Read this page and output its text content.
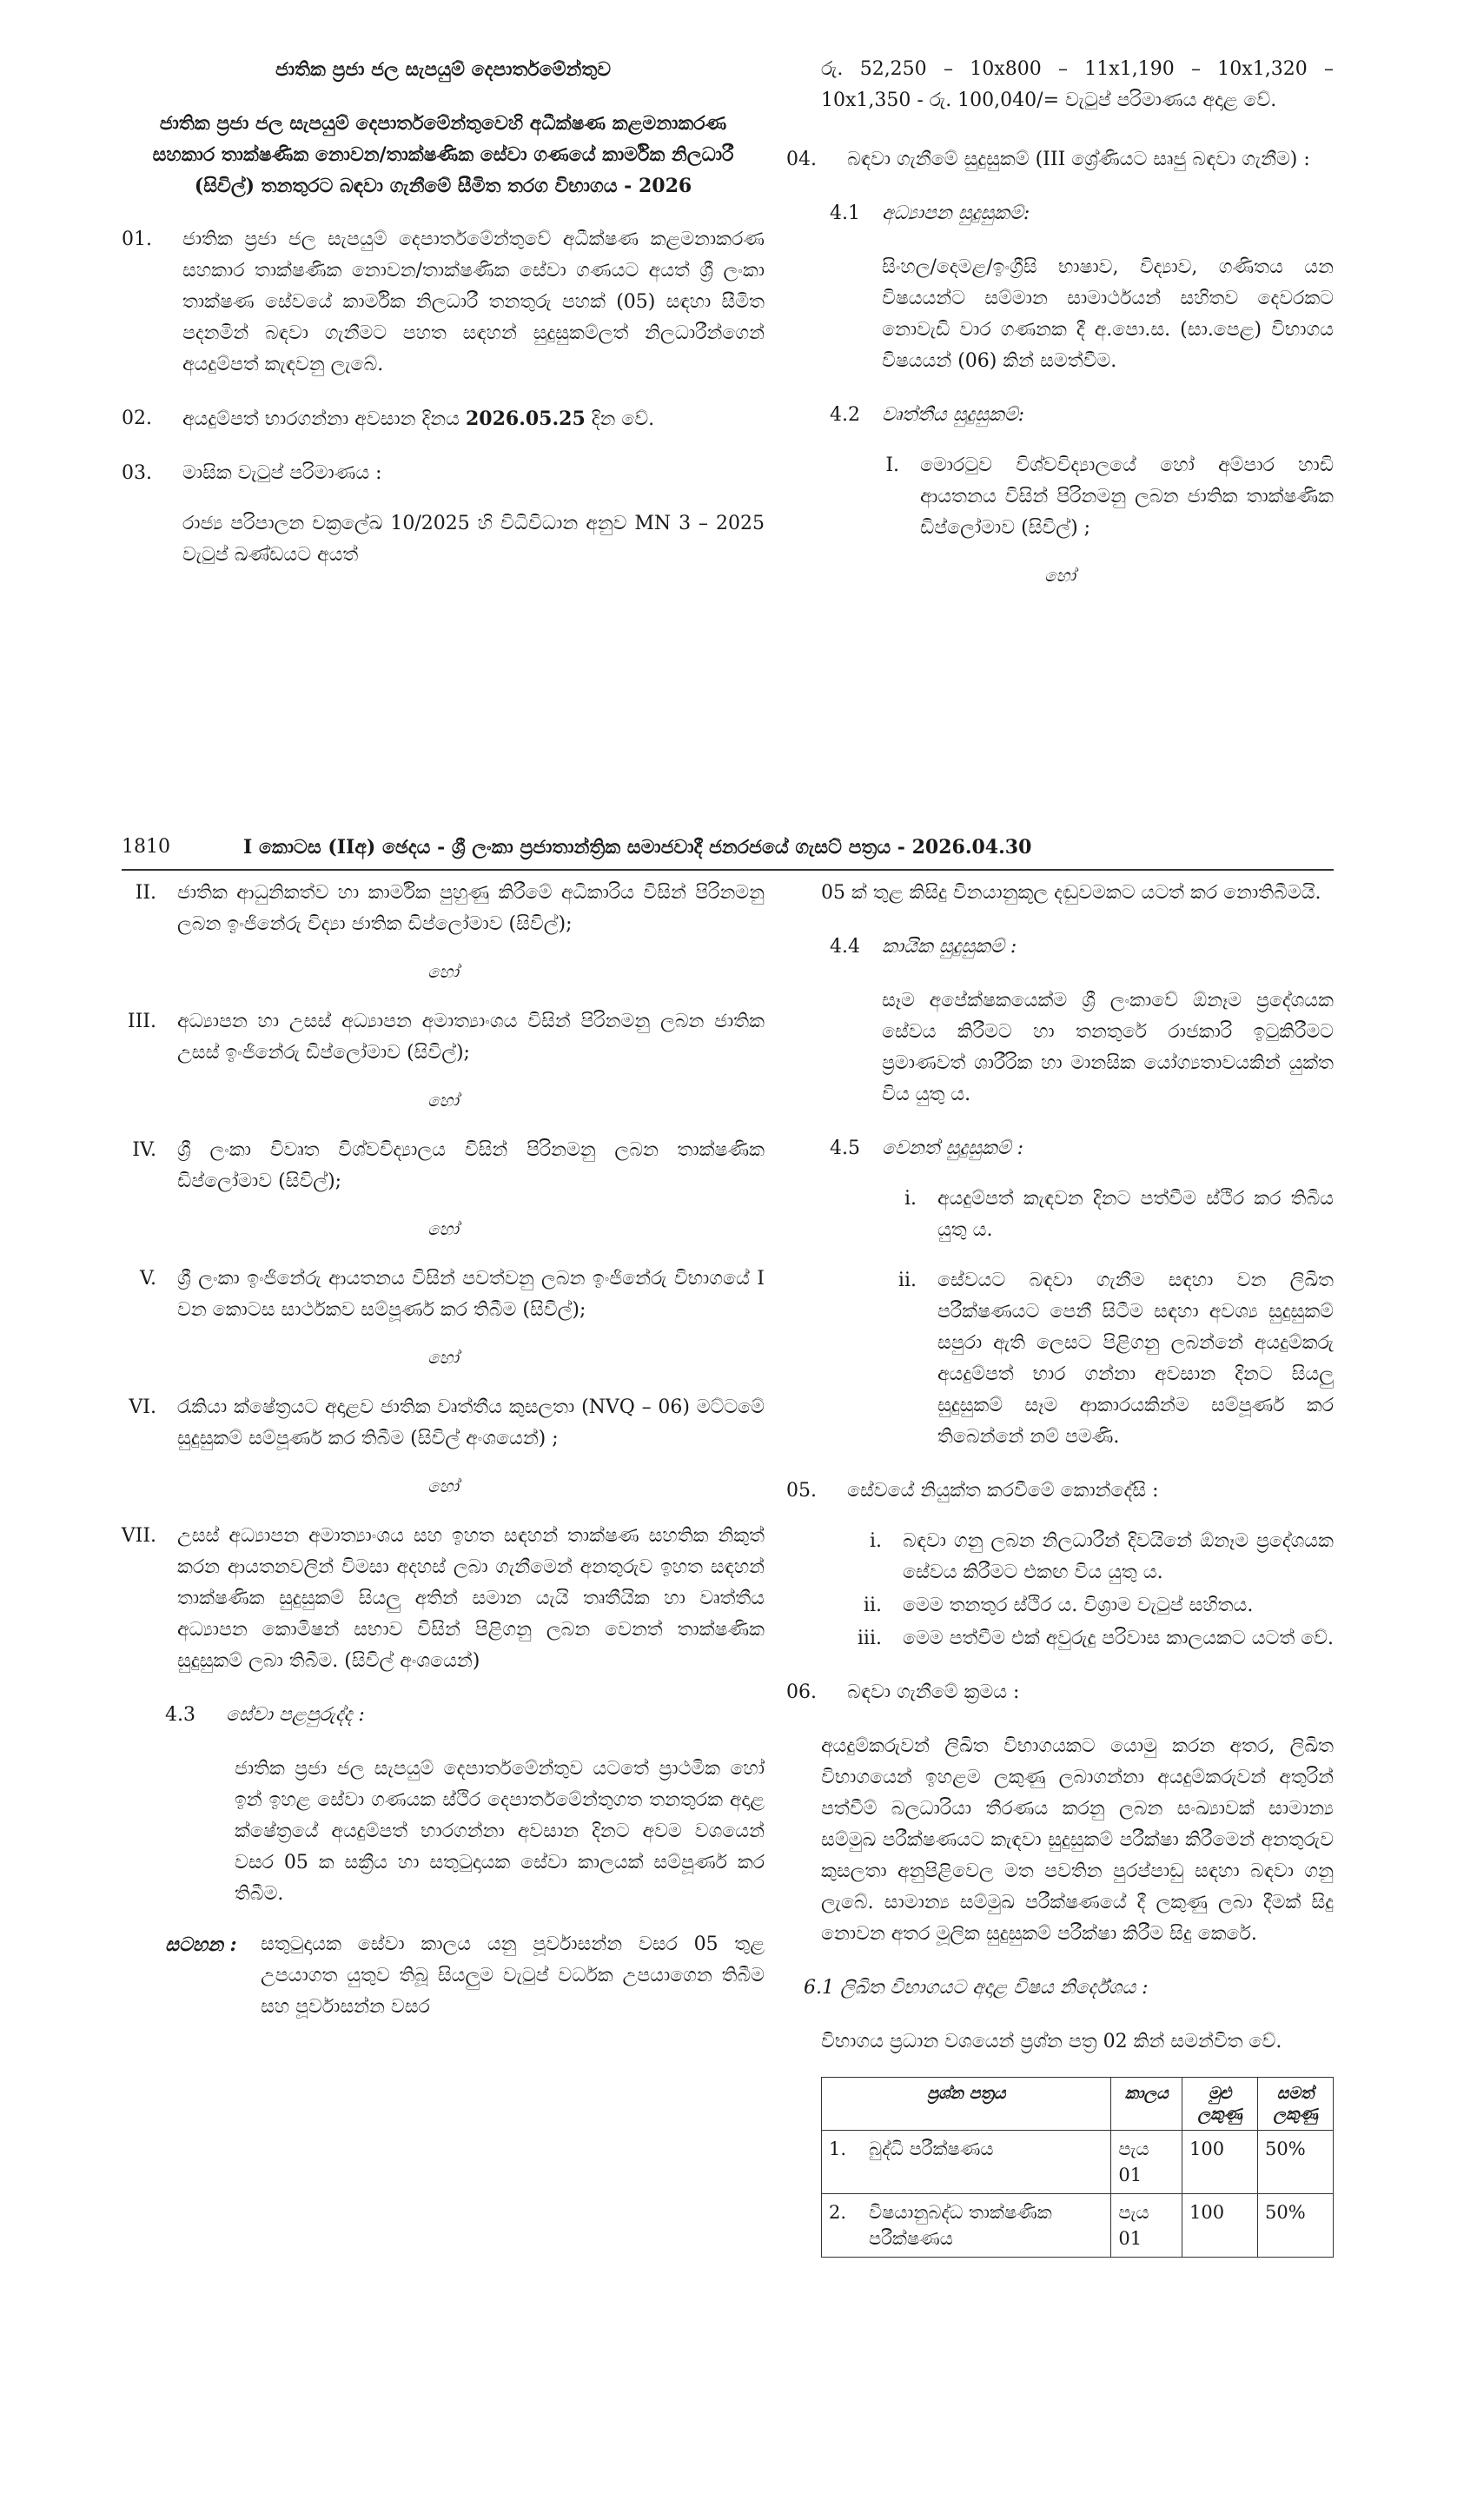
ජාතික ප්‍රජා ජල සැපයුම් දෙපාර්තමේන්තුව

ජාතික ප්‍රජා ජල සැපයුම් දෙපාර්තමේන්තුවෙහි අධීක්ෂණ කළමනාකරණ සහකාර තාක්ෂණික නොවන/තාක්ෂණික සේවා ගණයේ කාර්මික නිලධාරී (සිවිල්) තනතුරට බඳවා ගැනීමේ සීමිත තරග විභාගය - 2026

01.	ජාතික ප්‍රජා ජල සැපයුම් දෙපාර්තමේන්තුවේ අධීක්ෂණ කළමනාකරණ සහකාර තාක්ෂණික නොවන/තාක්ෂණික සේවා ගණයට අයත් ශ්‍රී ලංකා තාක්ෂණ සේවයේ කාර්මික නිලධාරී තනතුරු පහක් (05) සඳහා සීමිත පදනමින් බඳවා ගැනීමට පහත සඳහන් සුදුසුකම්ලත් නිලධාරීන්ගෙන් අයදුම්පත් කැඳවනු ලැබේ.
02.	අයදුම්පත් භාරගන්නා අවසාන දිනය 2026.05.25 දින වේ.
03.	මාසික වැටුප් පරිමාණය :
රාජ්‍ය පරිපාලන චක්‍රලේඛ 10/2025 හි විධිවිධාන අනුව MN 3 – 2025 වැටුප් ඛණ්ඩයට අයත්
රු. 52,250 – 10x800 – 11x1,190 – 10x1,320 – 10x1,350 - රු. 100,040/= වැටුප් පරිමාණය අදාළ වේ.
04.	බඳවා ගැනීමේ සුදුසුකම් (III ශ්‍රේණියට සෘජු බඳවා ගැනීම) :
4.1	අධ්‍යාපන සුදුසුකම්:
සිංහල/දෙමළ/ඉංග්‍රීසි භාෂාව, විද්‍යාව, ගණිතය යන විෂයයන්ට සම්මාන සාමාර්ථයන් සහිතව දෙවරකට නොවැඩි වාර ගණනක දී අ.පො.ස. (සා.පෙළ) විභාගය විෂයයන් (06) කින් සමත්වීම.
4.2	වෘත්තීය සුදුසුකම්:
I.	මොරටුව විශ්වවිද්‍යාලයේ හෝ අම්පාර හාඩි ආයතනය විසින් පිරිනමනු ලබන ජාතික තාක්ෂණික ඩිප්ලෝමාව (සිවිල්) ;
හෝ
1810	I කොටස (IIඅ) ඡෙදය - ශ්‍රී ලංකා ප්‍රජාතාන්ත්‍රික සමාජවාදී ජනරජයේ ගැසට් පත්‍රය - 2026.04.30
II.	ජාතික ආධුනිකත්ව හා කාර්මික පුහුණු කිරීමේ අධිකාරිය විසින් පිරිනමනු ලබන ඉංජිනේරු විද්‍යා ජාතික ඩිප්ලෝමාව (සිවිල්);
හෝ
III.	අධ්‍යාපන හා උසස් අධ්‍යාපන අමාත්‍යාංශය විසින් පිරිනමනු ලබන ජාතික උසස් ඉංජිනේරු ඩිප්ලෝමාව (සිවිල්);
හෝ
IV.	ශ්‍රී ලංකා විවෘත විශ්වවිද්‍යාලය විසින් පිරිනමනු ලබන තාක්ෂණික ඩිප්ලෝමාව (සිවිල්);
හෝ
V.	ශ්‍රී ලංකා ඉංජිනේරු ආයතනය විසින් පවත්වනු ලබන ඉංජිනේරු විභාගයේ I වන කොටස සාර්ථකව සම්පූර්ණ කර තිබීම (සිවිල්);
හෝ
VI.	රැකියා ක්ෂේත්‍රයට අදාළව ජාතික වෘත්තීය කුසලතා (NVQ – 06) මට්ටමේ සුදුසුකම් සම්පූර්ණ කර තිබීම (සිවිල් අංශයෙන්) ;
හෝ
VII.	උසස් අධ්‍යාපන අමාත්‍යාංශය සහ ඉහත සඳහන් තාක්ෂණ සහතික නිකුත් කරන ආයතනවලින් විමසා අදහස් ලබා ගැනීමෙන් අනතුරුව ඉහත සඳහන් තාක්ෂණික සුදුසුකම් සියලු අතින් සමාන යැයි තෘතීයික හා වෘත්තීය අධ්‍යාපන කොමිෂන් සභාව විසින් පිළිගනු ලබන වෙනත් තාක්ෂණික සුදුසුකම් ලබා තිබීම. (සිවිල් අංශයෙන්)
4.3	සේවා පළපුරුද්ද :
ජාතික ප්‍රජා ජල සැපයුම් දෙපාර්තමේන්තුව යටතේ ප්‍රාථමික හෝ ඉන් ඉහළ සේවා ගණයක ස්ථිර දෙපාර්තමේන්තුගත තනතුරක අදාළ ක්ෂේත්‍රයේ අයදුම්පත් භාරගන්නා අවසාන දිනට අවම වශයෙන් වසර 05 ක සක්‍රීය හා සතුටුදායක සේවා කාලයක් සම්පූර්ණ කර තිබීම.
සටහන :	සතුටුදායක සේවා කාලය යනු පූර්වාසන්න වසර 05 තුළ උපයාගත යුතුව තිබූ සියලුම වැටුප් වර්ධක උපයාගෙන තිබීම සහ පූර්වාසන්න වසර
05 ක් තුළ කිසිදු විනයානුකූල දඬුවමකට යටත් කර නොතිබීමයි.
4.4	කායික සුදුසුකම් :
සෑම අපේක්ෂකයෙක්ම ශ්‍රී ලංකාවේ ඕනෑම ප්‍රදේශයක සේවය කිරීමට හා තනතුරේ රාජකාරි ඉටුකිරීමට ප්‍රමාණවත් ශාරීරික හා මානසික යෝග්‍යතාවයකින් යුක්ත විය යුතු ය.
4.5	වෙනත් සුදුසුකම් :
i.	අයදුම්පත් කැඳවන දිනට පත්වීම ස්ථිර කර තිබිය යුතු ය.
ii.	සේවයට බඳවා ගැනීම සඳහා වන ලිඛිත පරීක්ෂණයට පෙනී සිටීම සඳහා අවශ්‍ය සුදුසුකම් සපුරා ඇති ලෙසට පිළිගනු ලබන්නේ අයදුම්කරු අයදුම්පත් භාර ගන්නා අවසාන දිනට සියලු සුදුසුකම් සෑම ආකාරයකින්ම සම්පූර්ණ කර තිබෙන්නේ නම් පමණි.
05.	සේවයේ නියුක්ත කරවීමේ කොන්දේසි :
i.	බඳවා ගනු ලබන නිලධාරීන් දිවයිනේ ඕනෑම ප්‍රදේශයක සේවය කිරීමට එකඟ විය යුතු ය.
ii.	මෙම තනතුර ස්ථිර ය. විශ්‍රාම වැටුප් සහිතය.
iii.	මෙම පත්වීම එක් අවුරුදු පරිවාස කාලයකට යටත් වේ.
06.	බඳවා ගැනීමේ ක්‍රමය :
අයදුම්කරුවන් ලිඛිත විභාගයකට යොමු කරන අතර, ලිඛිත විභාගයෙන් ඉහළම ලකුණු ලබාගන්නා අයදුම්කරුවන් අතුරින් පත්වීම් බලධාරියා තීරණය කරනු ලබන සංඛ්‍යාවක් සාමාන්‍ය සම්මුඛ පරීක්ෂණයට කැඳවා සුදුසුකම් පරීක්ෂා කිරීමෙන් අනතුරුව කුසලතා අනුපිළිවෙල මත පවතින පුරප්පාඩු සඳහා බඳවා ගනු ලැබේ. සාමාන්‍ය සම්මුඛ පරීක්ෂණයේ දී ලකුණු ලබා දීමක් සිදු නොවන අතර මූලික සුදුසුකම් පරීක්ෂා කිරීම සිදු කෙරේ.
6.1 ලිඛිත විභාගයට අදාළ විෂය නිර්දේශය :
විභාගය ප්‍රධාන වශයෙන් ප්‍රශ්න පත්‍ර 02 කින් සමන්විත වේ.
ප්‍රශ්න පත්‍රය		කාලය	මුළු ලකුණු	සමත් ලකුණු
1.	බුද්ධි පරීක්ෂණය	පැය 01	100	50%
2.	විෂයානුබද්ධ තාක්ෂණික පරීක්ෂණය	පැය 01	100	50%
